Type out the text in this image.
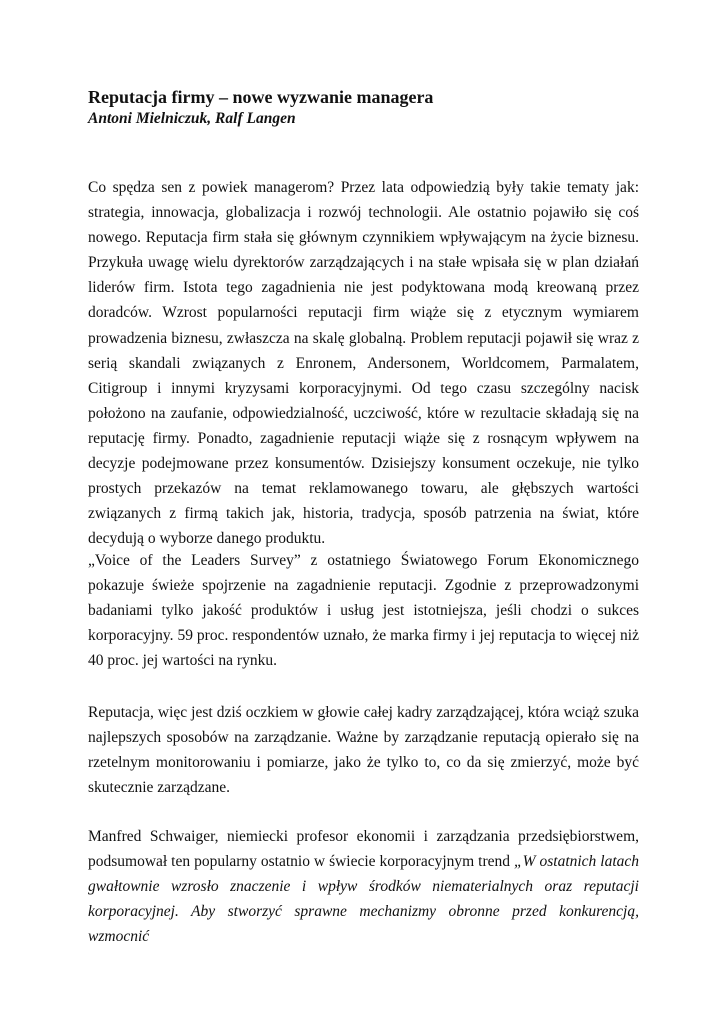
Reputacja firmy – nowe wyzwanie managera

Antoni Mielniczuk, Ralf Langen

Co spędza sen z powiek managerom? Przez lata odpowiedzią były takie tematy jak: strategia, innowacja, globalizacja i rozwój technologii. Ale ostatnio pojawiło się coś nowego. Reputacja firm stała się głównym czynnikiem wpływającym na życie biznesu. Przykuła uwagę wielu dyrektorów zarządzających i na stałe wpisała się w plan działań liderów firm. Istota tego zagadnienia nie jest podyktowana modą kreowaną przez doradców. Wzrost popularności reputacji firm wiąże się z etycznym wymiarem prowadzenia biznesu, zwłaszcza na skalę globalną. Problem reputacji pojawił się wraz z serią skandali związanych z Enronem, Andersonem, Worldcomem, Parmalatem, Citigroup i innymi kryzysami korporacyjnymi. Od tego czasu szczególny nacisk położono na zaufanie, odpowiedzialność, uczciwość, które w rezultacie składają się na reputację firmy. Ponadto, zagadnienie reputacji wiąże się z rosnącym wpływem na decyzje podejmowane przez konsumentów. Dzisiejszy konsument oczekuje, nie tylko prostych przekazów na temat reklamowanego towaru, ale głębszych wartości związanych z firmą takich jak, historia, tradycja, sposób patrzenia na świat, które decydują o wyborze danego produktu.

„Voice of the Leaders Survey” z ostatniego Światowego Forum Ekonomicznego pokazuje świeże spojrzenie na zagadnienie reputacji. Zgodnie z przeprowadzonymi badaniami tylko jakość produktów i usług jest istotniejsza, jeśli chodzi o sukces korporacyjny. 59 proc. respondentów uznało, że marka firmy i jej reputacja to więcej niż 40 proc. jej wartości na rynku.

Reputacja, więc jest dziś oczkiem w głowie całej kadry zarządzającej, która wciąż szuka najlepszych sposobów na zarządzanie. Ważne by zarządzanie reputacją opierało się na rzetelnym monitorowaniu i pomiarze, jako że tylko to, co da się zmierzyć, może być skutecznie zarządzane.

Manfred Schwaiger, niemiecki profesor ekonomii i zarządzania przedsiębiorstwem, podsumował ten popularny ostatnio w świecie korporacyjnym trend „W ostatnich latach gwałtownie wzrosło znaczenie i wpływ środków niematerialnych oraz reputacji korporacyjnej. Aby stworzyć sprawne mechanizmy obronne przed konkurencją, wzmocnić
